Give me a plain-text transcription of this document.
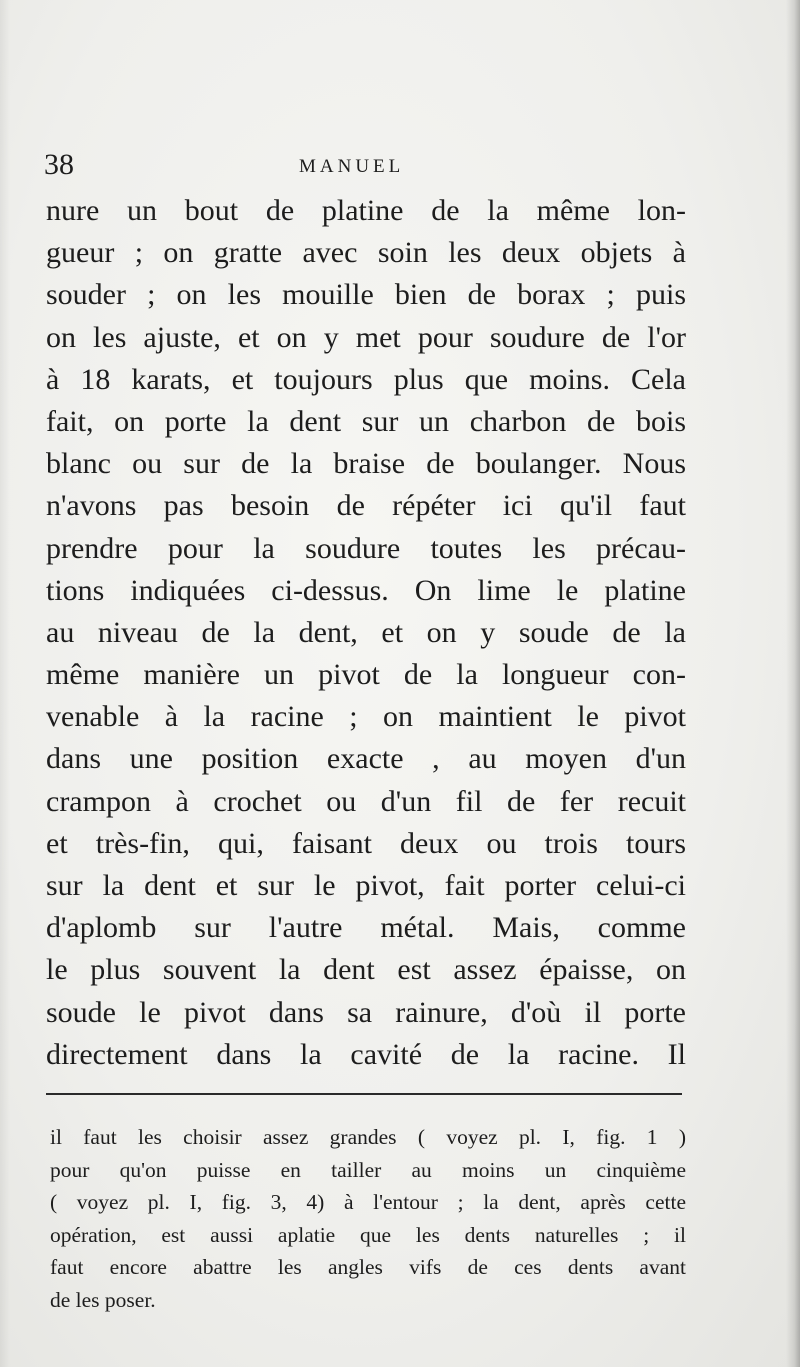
38	MANUEL
nure un bout de platine de la même lon-
gueur ; on gratte avec soin les deux objets à
souder ; on les mouille bien de borax ; puis
on les ajuste, et on y met pour soudure de l'or
à 18 karats, et toujours plus que moins. Cela
fait, on porte la dent sur un charbon de bois
blanc ou sur de la braise de boulanger. Nous
n'avons pas besoin de répéter ici qu'il faut
prendre pour la soudure toutes les précau-
tions indiquées ci-dessus. On lime le platine
au niveau de la dent, et on y soude de la
même manière un pivot de la longueur con-
venable à la racine ; on maintient le pivot
dans une position exacte , au moyen d'un
crampon à crochet ou d'un fil de fer recuit
et très-fin, qui, faisant deux ou trois tours
sur la dent et sur le pivot, fait porter celui-ci
d'aplomb sur l'autre métal. Mais, comme
le plus souvent la dent est assez épaisse, on
soude le pivot dans sa rainure, d'où il porte
directement dans la cavité de la racine. Il
il faut les choisir assez grandes ( voyez pl. I, fig. 1 )
pour qu'on puisse en tailler au moins un cinquième
( voyez pl. I, fig. 3, 4) à l'entour ; la dent, après cette
opération, est aussi aplatie que les dents naturelles ; il
faut encore abattre les angles vifs de ces dents avant
de les poser.
